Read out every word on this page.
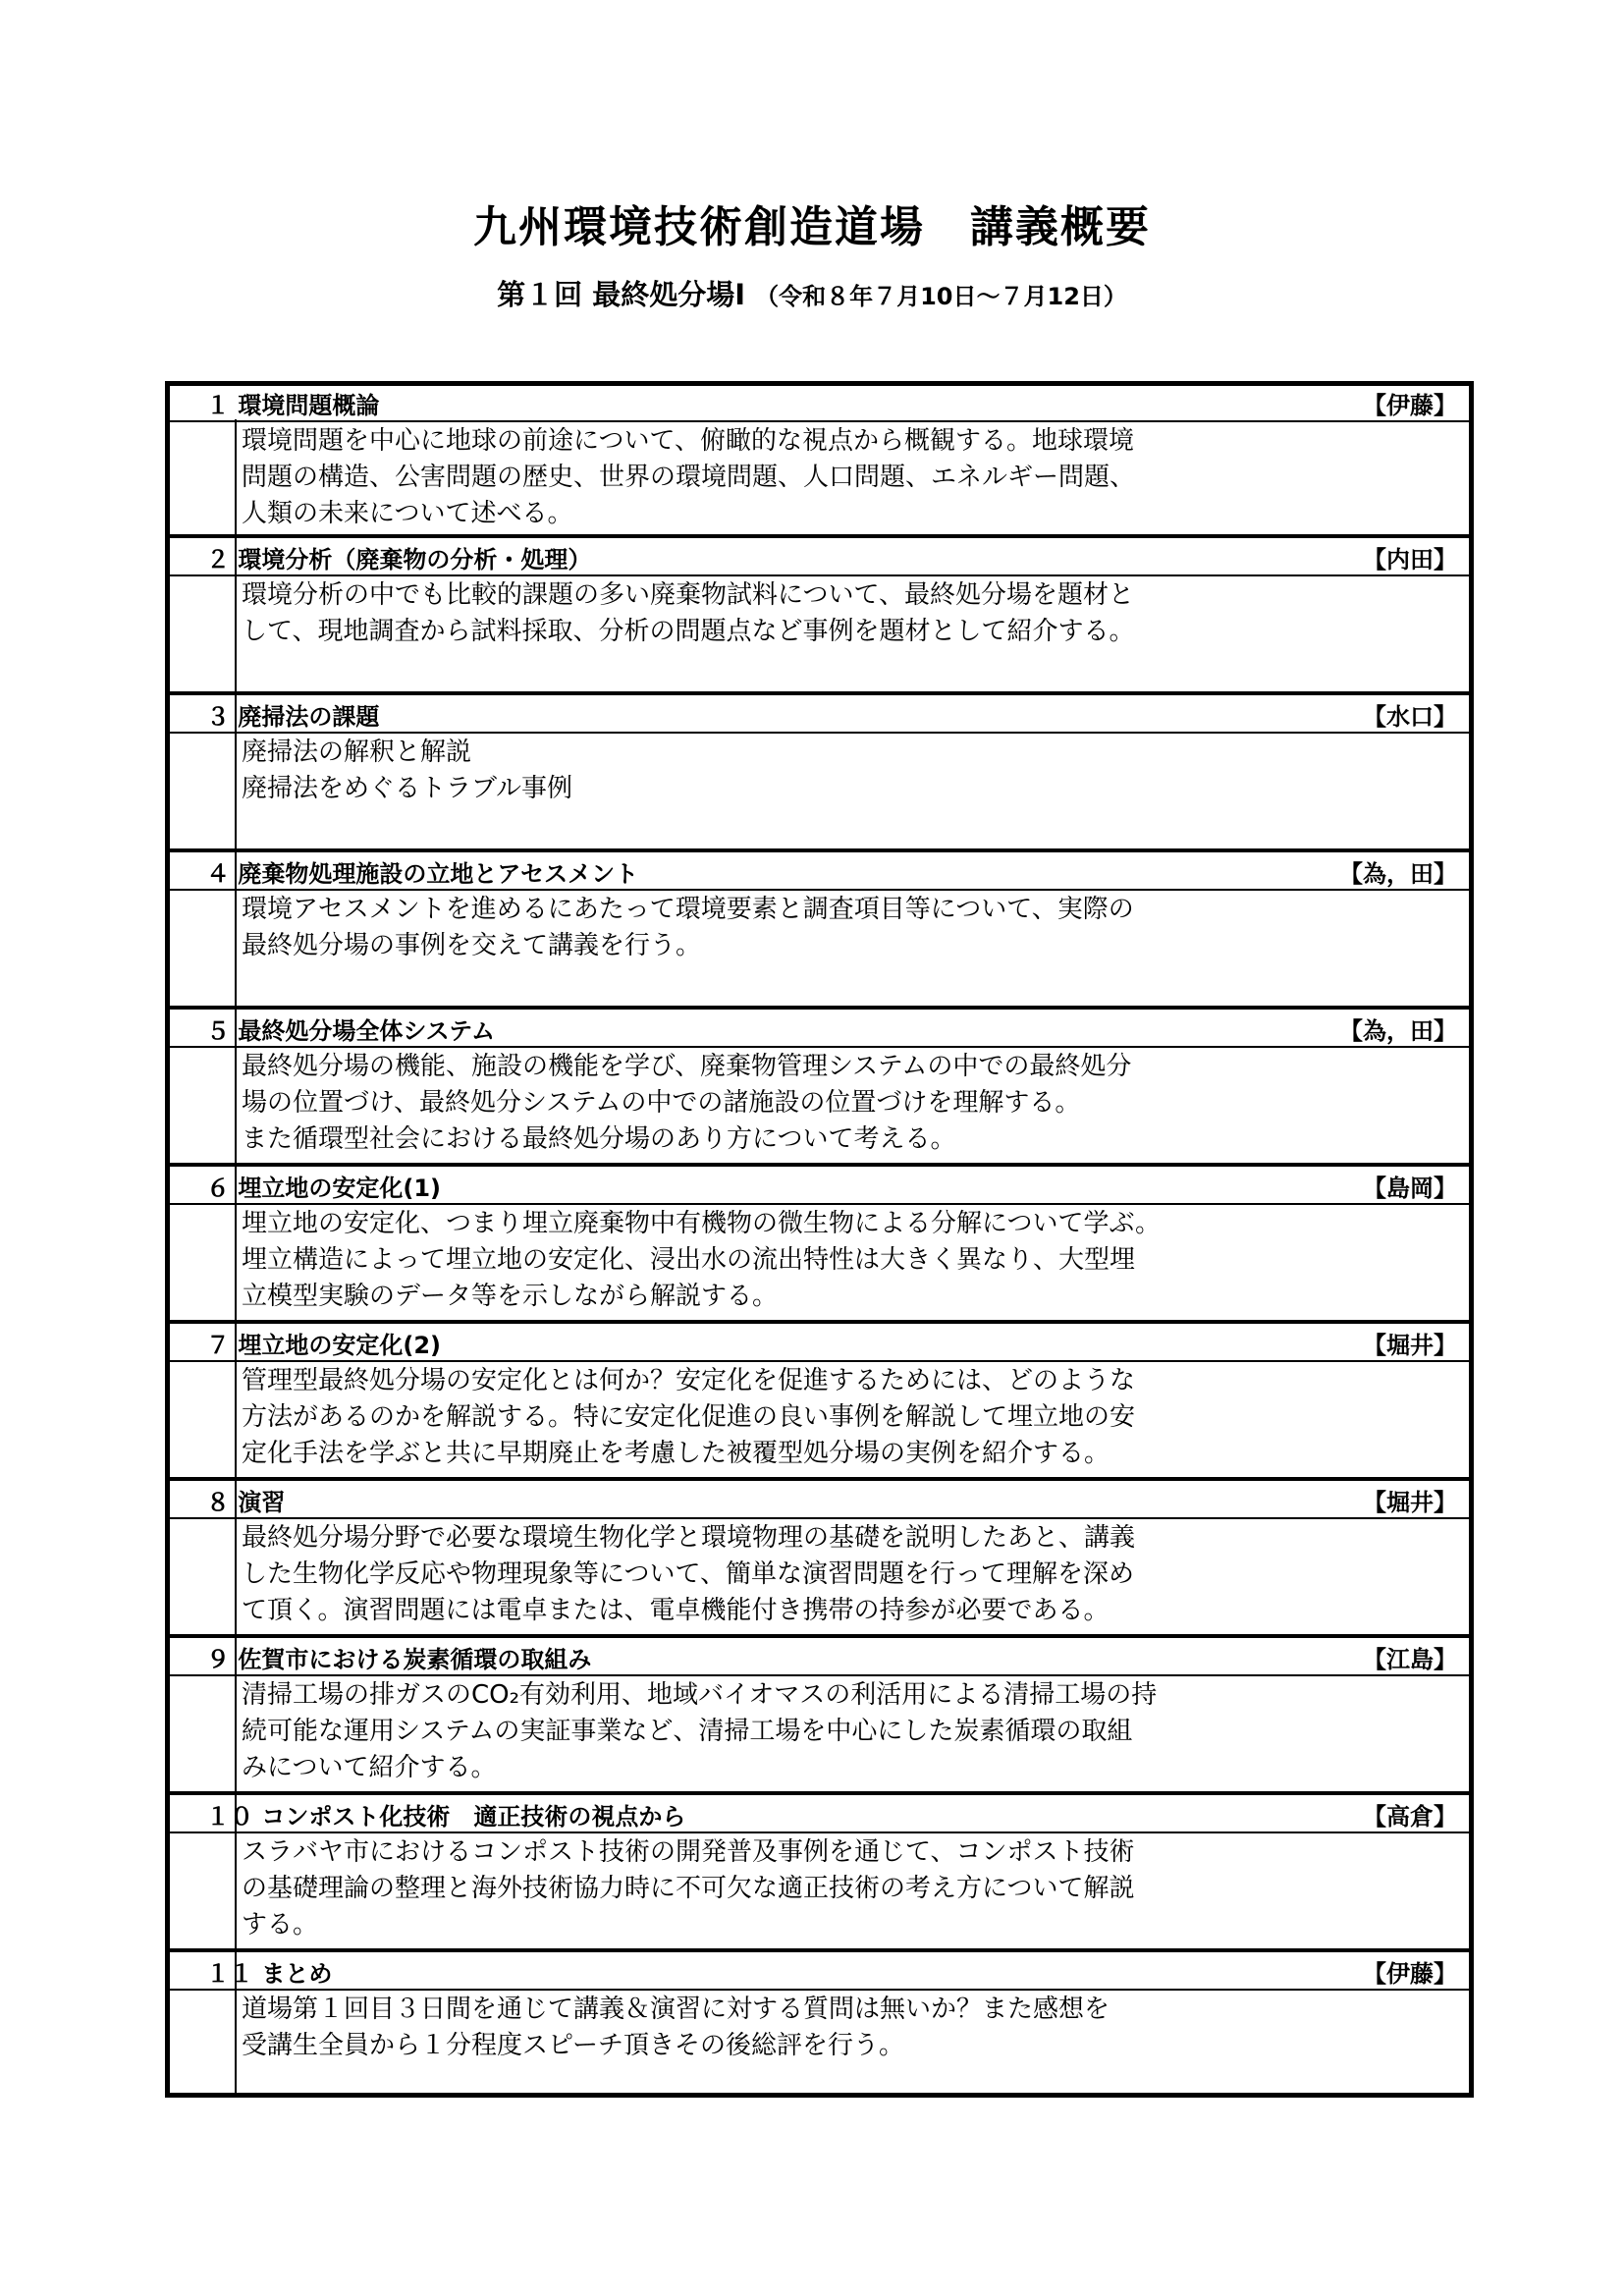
九州環境技術創造道場　講義概要
第１回 最終処分場Ⅰ （令和８年７月10日～７月12日）
１ 環境問題概論	【伊藤】
環境問題を中心に地球の前途について、俯瞰的な視点から概観する。地球環境
問題の構造、公害問題の歴史、世界の環境問題、人口問題、エネルギー問題、
人類の未来について述べる。
２ 環境分析（廃棄物の分析・処理）	【内田】
環境分析の中でも比較的課題の多い廃棄物試料について、最終処分場を題材と
して、現地調査から試料採取、分析の問題点など事例を題材として紹介する。
３ 廃掃法の課題	【水口】
廃掃法の解釈と解説
廃掃法をめぐるトラブル事例
４ 廃棄物処理施設の立地とアセスメント	【為，田】
環境アセスメントを進めるにあたって環境要素と調査項目等について、実際の
最終処分場の事例を交えて講義を行う。
５ 最終処分場全体システム	【為，田】
最終処分場の機能、施設の機能を学び、廃棄物管理システムの中での最終処分
場の位置づけ、最終処分システムの中での諸施設の位置づけを理解する。
また循環型社会における最終処分場のあり方について考える。
６ 埋立地の安定化(1)	【島岡】
埋立地の安定化、つまり埋立廃棄物中有機物の微生物による分解について学ぶ。
埋立構造によって埋立地の安定化、浸出水の流出特性は大きく異なり、大型埋
立模型実験のデータ等を示しながら解説する。
７ 埋立地の安定化(2)	【堀井】
管理型最終処分場の安定化とは何か？安定化を促進するためには、どのような
方法があるのかを解説する。特に安定化促進の良い事例を解説して埋立地の安
定化手法を学ぶと共に早期廃止を考慮した被覆型処分場の実例を紹介する。
８ 演習	【堀井】
最終処分場分野で必要な環境生物化学と環境物理の基礎を説明したあと、講義
した生物化学反応や物理現象等について、簡単な演習問題を行って理解を深め
て頂く。演習問題には電卓または、電卓機能付き携帯の持参が必要である。
９ 佐賀市における炭素循環の取組み	【江島】
清掃工場の排ガスのCO₂有効利用、地域バイオマスの利活用による清掃工場の持
続可能な運用システムの実証事業など、清掃工場を中心にした炭素循環の取組
みについて紹介する。
１０ コンポスト化技術　適正技術の視点から	【高倉】
スラバヤ市におけるコンポスト技術の開発普及事例を通じて、コンポスト技術
の基礎理論の整理と海外技術協力時に不可欠な適正技術の考え方について解説
する。
１１ まとめ	【伊藤】
道場第１回目３日間を通じて講義＆演習に対する質問は無いか？また感想を
受講生全員から１分程度スピーチ頂きその後総評を行う。
